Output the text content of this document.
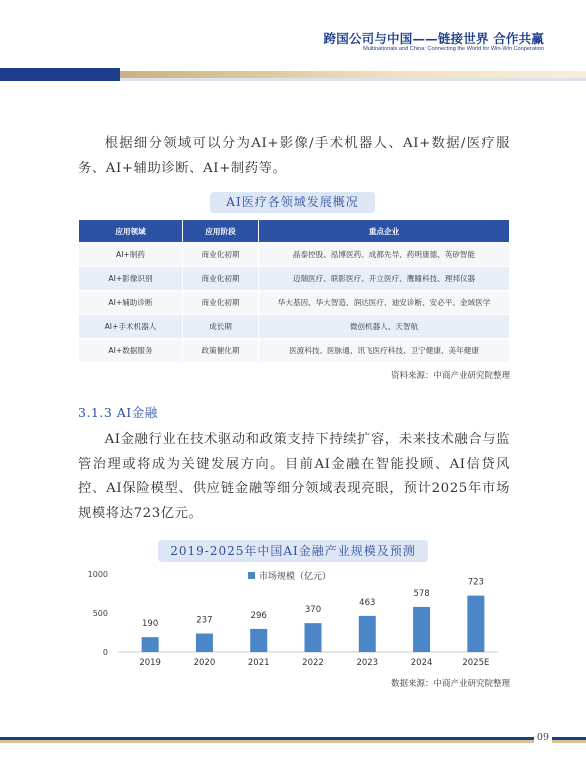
跨国公司与中国——链接世界 合作共赢
Multinationals and China: Connecting the World for Win-Win Cooperation

根据细分领域可以分为AI+影像/手术机器人、AI+数据/医疗服务、AI+辅助诊断、AI+制药等。

AI医疗各领域发展概况
应用领域	应用阶段	重点企业
AI+制药	商业化初期	晶泰控股、泓博医药、成都先导、药明康德、英矽智能
AI+影像识别	商业化初期	迈瑞医疗、联影医疗、开立医疗、鹰瞳科技、理邦仪器
AI+辅助诊断	商业化初期	华大基因、华大智造、润达医疗、迪安诊断、安必平、金域医学
AI+手术机器人	成长期	微创机器人、天智航
AI+数据服务	政策催化期	医渡科技、医脉通、讯飞医疗科技、卫宁健康、美年健康
资料来源：中商产业研究院整理
3.1.3 AI金融

AI金融行业在技术驱动和政策支持下持续扩容，未来技术融合与监管治理或将成为关键发展方向。目前AI金融在智能投顾、AI信贷风控、AI保险模型、供应链金融等细分领域表现亮眼，预计2025年市场规模将达723亿元。

2019-2025年中国AI金融产业规模及预测
1000
500
0
市场规模（亿元）
190
2019
237
2020
296
2021
370
2022
463
2023
578
2024
723
2025E
数据来源：中商产业研究院整理
09
